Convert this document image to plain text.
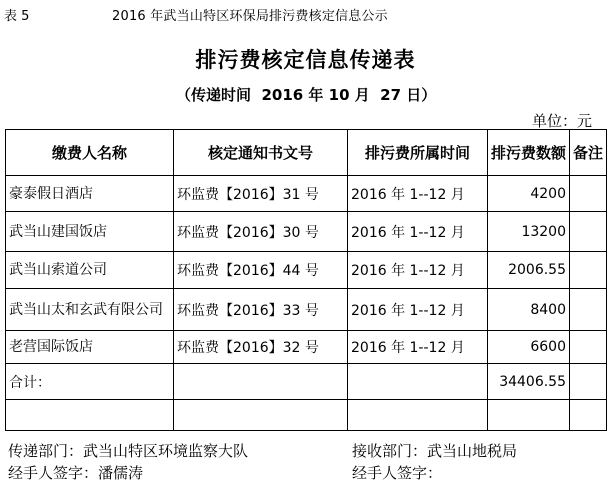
表 5	2016 年武当山特区环保局排污费核定信息公示
排污费核定信息传递表
（传递时间  2016 年 10 月  27 日）
单位：元
缴费人名称	核定通知书文号	排污费所属时间	排污费数额	备注
豪泰假日酒店	环监费【2016】31 号	2016 年 1--12 月	4200	
武当山建国饭店	环监费【2016】30 号	2016 年 1--12 月	13200	
武当山索道公司	环监费【2016】44 号	2016 年 1--12 月	2006.55	
武当山太和玄武有限公司	环监费【2016】33 号	2016 年 1--12 月	8400	
老营国际饭店	环监费【2016】32 号	2016 年 1--12 月	6600	
合计：			34406.55	

传递部门：武当山特区环境监察大队	接收部门：武当山地税局
经手人签字：潘儒涛	经手人签字：
